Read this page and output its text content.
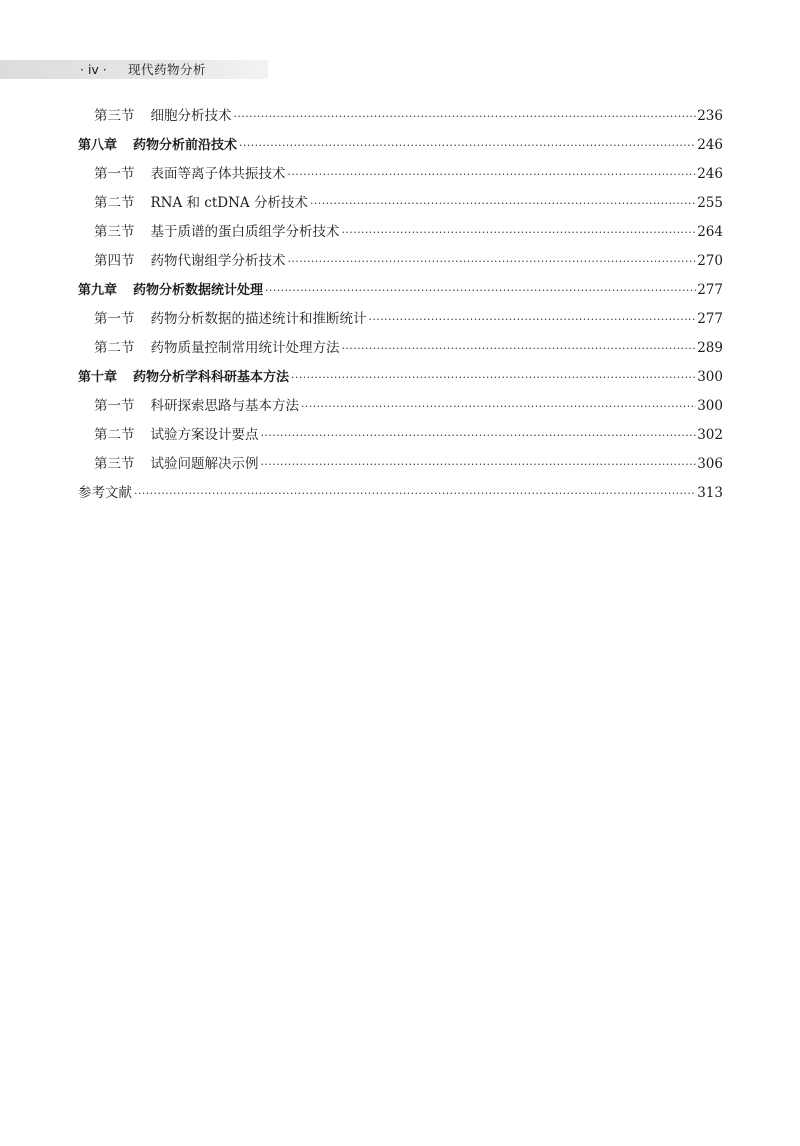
· iv · 现代药物分析
第三节 细胞分析技术 ·····	236
第八章 药物分析前沿技术 ·····	246
第一节 表面等离子体共振技术 ·····	246
第二节 RNA 和 ctDNA 分析技术 ·····	255
第三节 基于质谱的蛋白质组学分析技术 ·····	264
第四节 药物代谢组学分析技术 ·····	270
第九章 药物分析数据统计处理 ·····	277
第一节 药物分析数据的描述统计和推断统计 ·····	277
第二节 药物质量控制常用统计处理方法 ·····	289
第十章 药物分析学科科研基本方法 ·····	300
第一节 科研探索思路与基本方法 ·····	300
第二节 试验方案设计要点 ·····	302
第三节 试验问题解决示例 ·····	306
参考文献 ·····	313
